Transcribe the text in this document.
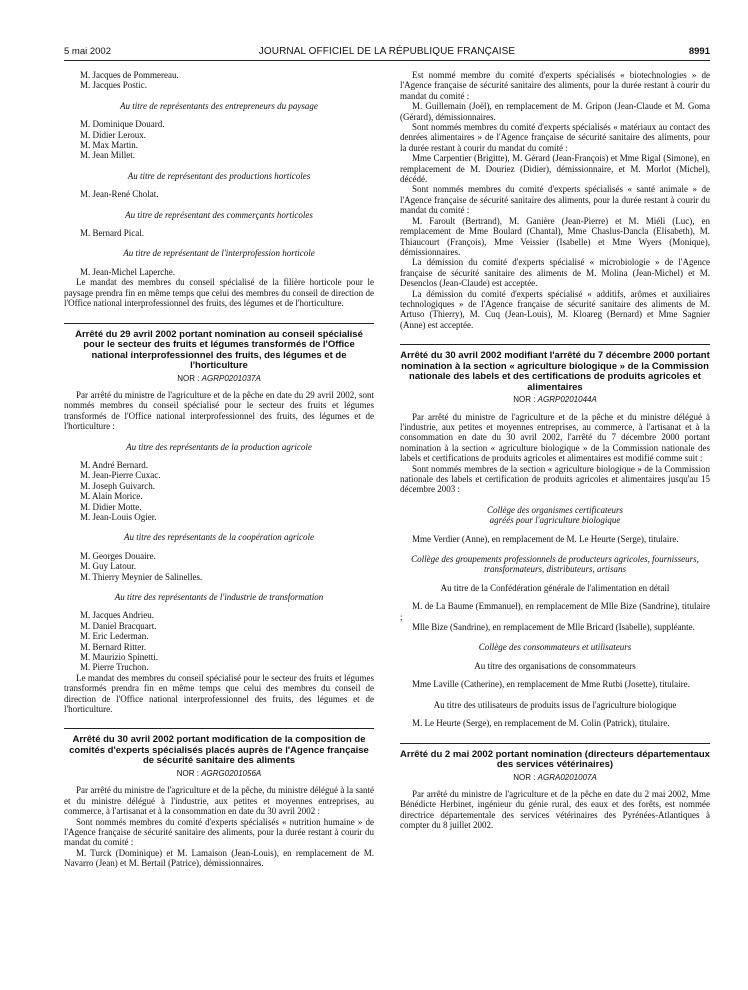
5 mai 2002	JOURNAL OFFICIEL DE LA RÉPUBLIQUE FRANÇAISE	8991

M. Jacques de Pommereau.

M. Jacques Postic.

Au titre de représentants des entrepreneurs du paysage

M. Dominique Douard.

M. Didier Leroux.

M. Max Martin.

M. Jean Millet.

Au titre de représentant des productions horticoles

M. Jean-René Cholat.

Au titre de représentant des commerçants horticoles

M. Bernard Pical.

Au titre de représentant de l'interprofession horticole

M. Jean-Michel Laperche.

Le mandat des membres du conseil spécialisé de la filière horticole pour le paysage prendra fin en même temps que celui des membres du conseil de direction de l'Office national interprofessionnel des fruits, des légumes et de l'horticulture.

Arrêté du 29 avril 2002 portant nomination au conseil spécialisé pour le secteur des fruits et légumes transformés de l'Office national interprofessionnel des fruits, des légumes et de l'horticulture
NOR : AGRP0201037A

Par arrêté du ministre de l'agriculture et de la pêche en date du 29 avril 2002, sont nommés membres du conseil spécialisé pour le secteur des fruits et légumes transformés de l'Office national interprofessionnel des fruits, des légumes et de l'horticulture :

Au titre des représentants de la production agricole

M. André Bernard.

M. Jean-Pierre Cuxac.

M. Joseph Guivarch.

M. Alain Morice.

M. Didier Motte.

M. Jean-Louis Ogier.

Au titre des représentants de la coopération agricole

M. Georges Douaire.

M. Guy Latour.

M. Thierry Meynier de Salinelles.

Au titre des représentants de l'industrie de transformation

M. Jacques Andrieu.

M. Daniel Bracquart.

M. Eric Lederman.

M. Bernard Ritter.

M. Maurizio Spinetti.

M. Pierre Truchon.

Le mandat des membres du conseil spécialisé pour le secteur des fruits et légumes transformés prendra fin en même temps que celui des membres du conseil de direction de l'Office national interprofessionnel des fruits, des légumes et de l'horticulture.

Arrêté du 30 avril 2002 portant modification de la composition de comités d'experts spécialisés placés auprès de l'Agence française de sécurité sanitaire des aliments
NOR : AGRG0201056A

Par arrêté du ministre de l'agriculture et de la pêche, du ministre délégué à la santé et du ministre délégué à l'industrie, aux petites et moyennes entreprises, au commerce, à l'artisanat et à la consommation en date du 30 avril 2002 :

Sont nommés membres du comité d'experts spécialisés « nutrition humaine » de l'Agence française de sécurité sanitaire des aliments, pour la durée restant à courir du mandat du comité :

M. Turck (Dominique) et M. Lamaison (Jean-Louis), en remplacement de M. Navarro (Jean) et M. Bertail (Patrice), démissionnaires.

Est nommé membre du comité d'experts spécialisés « biotechnologies » de l'Agence française de sécurité sanitaire des aliments, pour la durée restant à courir du mandat du comité :

M. Guillemain (Joël), en remplacement de M. Gripon (Jean-Claude et M. Goma (Gérard), démissionnaires.

Sont nommés membres du comité d'experts spécialisés « matériaux au contact des denrées alimentaires » de l'Agence française de sécurité sanitaire des aliments, pour la durée restant à courir du mandat du comité :

Mme Carpentier (Brigitte), M. Gérard (Jean-François) et Mme Rigal (Simone), en remplacement de M. Douriez (Didier), démissionnaire, et M. Morlot (Michel), décédé.

Sont nommés membres du comité d'experts spécialisés « santé animale » de l'Agence française de sécurité sanitaire des aliments, pour la durée restant à courir du mandat du comité :

M. Faroult (Bertrand), M. Ganière (Jean-Pierre) et M. Miéli (Luc), en remplacement de Mme Boulard (Chantal), Mme Chaslus-Dancla (Elisabeth), M. Thiaucourt (François), Mme Veissier (Isabelle) et Mme Wyers (Monique), démissionnaires.

La démission du comité d'experts spécialisé « microbiologie » de l'Agence française de sécurité sanitaire des aliments de M. Molina (Jean-Michel) et M. Desenclos (Jean-Claude) est acceptée.

La démission du comité d'experts spécialisé « additifs, arômes et auxiliaires technologiques » de l'Agence française de sécurité sanitaire des aliments de M. Artuso (Thierry), M. Cuq (Jean-Louis), M. Kloareg (Bernard) et Mme Sagnier (Anne) est acceptée.

Arrêté du 30 avril 2002 modifiant l'arrêté du 7 décembre 2000 portant nomination à la section « agriculture biologique » de la Commission nationale des labels et des certifications de produits agricoles et alimentaires
NOR : AGRP0201044A

Par arrêté du ministre de l'agriculture et de la pêche et du ministre délégué à l'industrie, aux petites et moyennes entreprises, au commerce, à l'artisanat et à la consommation en date du 30 avril 2002, l'arrêté du 7 décembre 2000 portant nomination à la section « agriculture biologique » de la Commission nationale des labels et certifications de produits agricoles et alimentaires est modifié comme suit :

Sont nommés membres de la section « agriculture biologique » de la Commission nationale des labels et certification de produits agricoles et alimentaires jusqu'au 15 décembre 2003 :

Collège des organismes certificateurs

agréés pour l'agriculture biologique

Mme Verdier (Anne), en remplacement de M. Le Heurte (Serge), titulaire.

Collège des groupements professionnels de producteurs agricoles, fournisseurs, transformateurs, distributeurs, artisans

Au titre de la Confédération générale de l'alimentation en détail

M. de La Baume (Emmanuel), en remplacement de Mlle Bize (Sandrine), titulaire ;

Mlle Bize (Sandrine), en remplacement de Mlle Bricard (Isabelle), suppléante.

Collège des consommateurs et utilisateurs

Au titre des organisations de consommateurs

Mme Laville (Catherine), en remplacement de Mme Rutbi (Josette), titulaire.

Au titre des utilisateurs de produits issus de l'agriculture biologique

M. Le Heurte (Serge), en remplacement de M. Colin (Patrick), titulaire.

Arrêté du 2 mai 2002 portant nomination (directeurs départementaux des services vétérinaires)
NOR : AGRA0201007A

Par arrêté du ministre de l'agriculture et de la pêche en date du 2 mai 2002, Mme Bénédicte Herbinet, ingénieur du génie rural, des eaux et des forêts, est nommée directrice départementale des services vétérinaires des Pyrénées-Atlantiques à compter du 8 juillet 2002.
